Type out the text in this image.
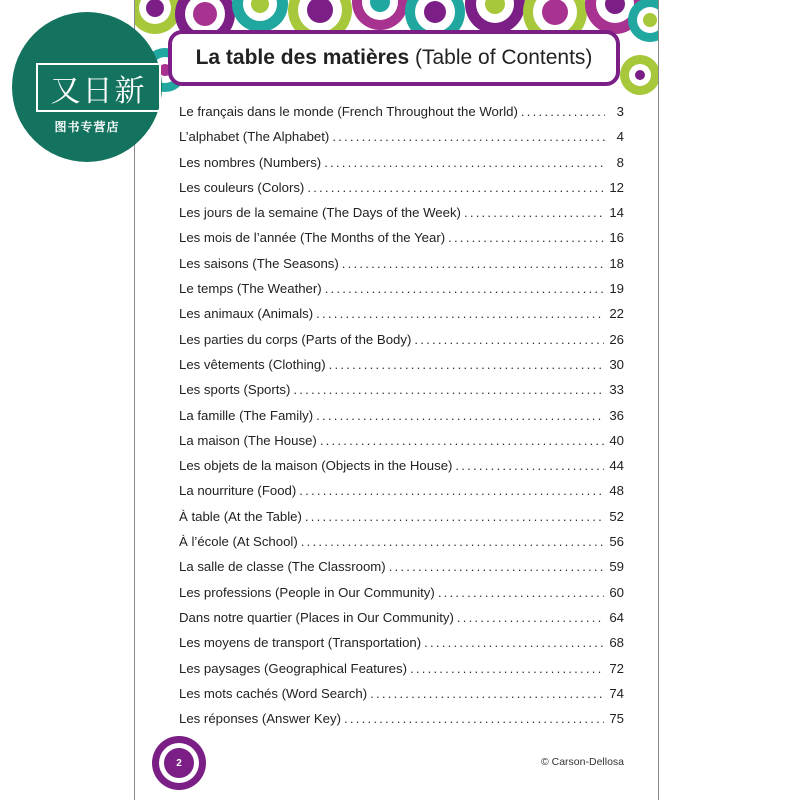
La table des matières (Table of Contents)
Le français dans le monde (French Throughout the World) .....	3
L’alphabet (The Alphabet) .....	4
Les nombres (Numbers) .....	8
Les couleurs (Colors) .....	12
Les jours de la semaine (The Days of the Week) .....	14
Les mois de l’année (The Months of the Year) .....	16
Les saisons (The Seasons) .....	18
Le temps (The Weather) .....	19
Les animaux (Animals) .....	22
Les parties du corps (Parts of the Body) .....	26
Les vêtements (Clothing) .....	30
Les sports (Sports) .....	33
La famille (The Family) .....	36
La maison (The House) .....	40
Les objets de la maison (Objects in the House) .....	44
La nourriture (Food) .....	48
À table (At the Table) .....	52
À l’école (At School) .....	56
La salle de classe (The Classroom) .....	59
Les professions (People in Our Community) .....	60
Dans notre quartier (Places in Our Community) .....	64
Les moyens de transport (Transportation) .....	68
Les paysages (Geographical Features) .....	72
Les mots cachés (Word Search) .....	74
Les réponses (Answer Key) .....	75
2	© Carson-Dellosa
又日新
图书专营店
